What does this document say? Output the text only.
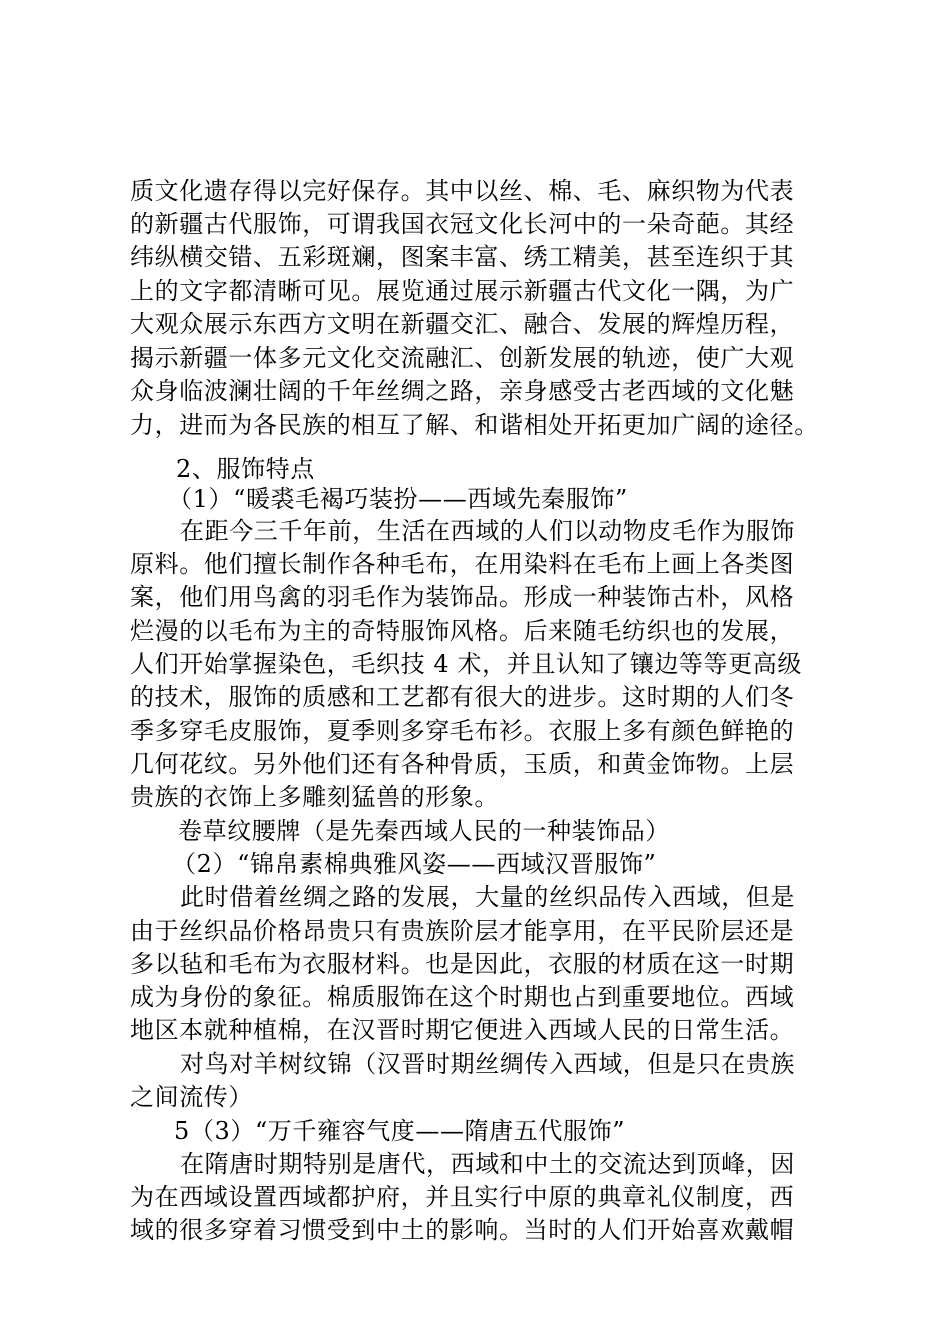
质文化遗存得以完好保存。其中以丝、棉、毛、麻织物为代表
的新疆古代服饰，可谓我国衣冠文化长河中的一朵奇葩。其经
纬纵横交错、五彩斑斓，图案丰富、绣工精美，甚至连织于其
上的文字都清晰可见。展览通过展示新疆古代文化一隅，为广
大观众展示东西方文明在新疆交汇、融合、发展的辉煌历程，
揭示新疆一体多元文化交流融汇、创新发展的轨迹，使广大观
众身临波澜壮阔的千年丝绸之路，亲身感受古老西域的文化魅
力，进而为各民族的相互了解、和谐相处开拓更加广阔的途径。
2、服饰特点
（1）“暖裘毛褐巧装扮——西域先秦服饰”
在距今三千年前，生活在西域的人们以动物皮毛作为服饰
原料。他们擅长制作各种毛布，在用染料在毛布上画上各类图
案，他们用鸟禽的羽毛作为装饰品。形成一种装饰古朴，风格
烂漫的以毛布为主的奇特服饰风格。后来随毛纺织也的发展，
人们开始掌握染色，毛织技 4 术，并且认知了镶边等等更高级
的技术，服饰的质感和工艺都有很大的进步。这时期的人们冬
季多穿毛皮服饰，夏季则多穿毛布衫。衣服上多有颜色鲜艳的
几何花纹。另外他们还有各种骨质，玉质，和黄金饰物。上层
贵族的衣饰上多雕刻猛兽的形象。
卷草纹腰牌（是先秦西域人民的一种装饰品）
（2）“锦帛素棉典雅风姿——西域汉晋服饰”
此时借着丝绸之路的发展，大量的丝织品传入西域，但是
由于丝织品价格昂贵只有贵族阶层才能享用，在平民阶层还是
多以毡和毛布为衣服材料。也是因此，衣服的材质在这一时期
成为身份的象征。棉质服饰在这个时期也占到重要地位。西域
地区本就种植棉，在汉晋时期它便进入西域人民的日常生活。
对鸟对羊树纹锦（汉晋时期丝绸传入西域，但是只在贵族
之间流传）
5（3）“万千雍容气度——隋唐五代服饰”
在隋唐时期特别是唐代，西域和中土的交流达到顶峰，因
为在西域设置西域都护府，并且实行中原的典章礼仪制度，西
域的很多穿着习惯受到中土的影响。当时的人们开始喜欢戴帽
